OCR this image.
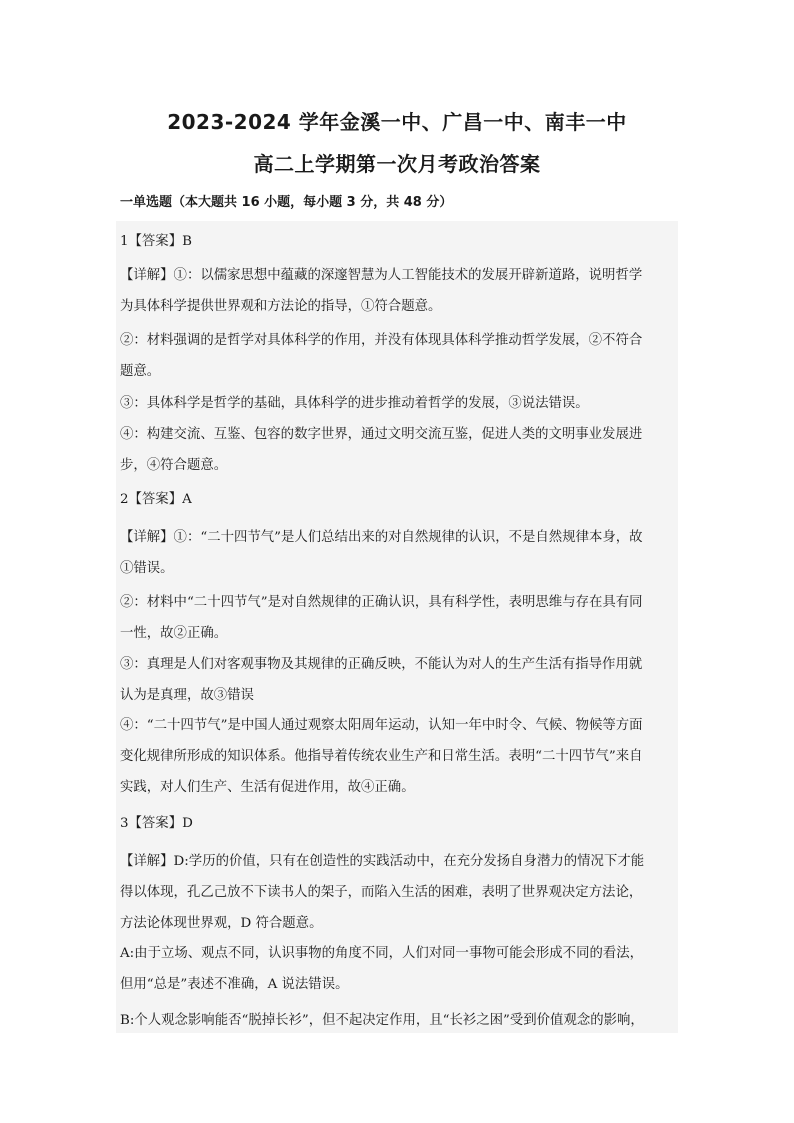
2023-2024 学年金溪一中、广昌一中、南丰一中
高二上学期第一次月考政治答案
一单选题（本大题共 16 小题，每小题 3 分，共 48 分）
1【答案】B
【详解】①：以儒家思想中蕴藏的深邃智慧为人工智能技术的发展开辟新道路，说明哲学
为具体科学提供世界观和方法论的指导，①符合题意。
②：材料强调的是哲学对具体科学的作用，并没有体现具体科学推动哲学发展，②不符合
题意。
③：具体科学是哲学的基础，具体科学的进步推动着哲学的发展，③说法错误。
④：构建交流、互鉴、包容的数字世界，通过文明交流互鉴，促进人类的文明事业发展进
步，④符合题意。
2【答案】A
【详解】①：“二十四节气”是人们总结出来的对自然规律的认识，不是自然规律本身，故
①错误。
②：材料中“二十四节气”是对自然规律的正确认识，具有科学性，表明思维与存在具有同
一性，故②正确。
③：真理是人们对客观事物及其规律的正确反映，不能认为对人的生产生活有指导作用就
认为是真理，故③错误
④：“二十四节气”是中国人通过观察太阳周年运动，认知一年中时令、气候、物候等方面
变化规律所形成的知识体系。他指导着传统农业生产和日常生活。表明“二十四节气”来自
实践，对人们生产、生活有促进作用，故④正确。
3【答案】D
【详解】D:学历的价值，只有在创造性的实践活动中，在充分发扬自身潜力的情况下才能
得以体现，孔乙己放不下读书人的架子，而陷入生活的困难，表明了世界观决定方法论，
方法论体现世界观，D 符合题意。
A:由于立场、观点不同，认识事物的角度不同，人们对同一事物可能会形成不同的看法，
但用“总是”表述不准确，A 说法错误。
B:个人观念影响能否“脱掉长衫”，但不起决定作用，且“长衫之困”受到价值观念的影响，
